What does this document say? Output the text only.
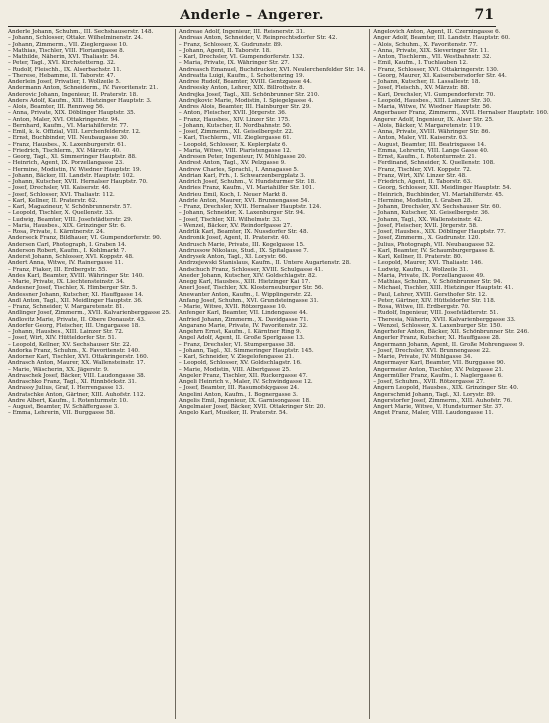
Anderle – Angerer.	71

Anderle Johann, Schuhm., III. Sechshauserstr. 148.

– Johann, Schlosser, Ottakr. Wilhelminenstr. 24.

– Johann, Zimmerm., VII. Zieglergasse 10.

– Mathias, Tischler, VIII. Florianigasse 8.

– Mathilde, Näherin, XVI. Thaliastr. 54.

– Peter, Tagl., XVI. Kirchstetterng. 32.

– Rudolf, Fleischh., IX. Alserbachstr. 11.

– Therese, Hebamme, II. Taborstr. 47.

Anderlein Josef, Privatier, I. Wollzeile 5.

Andermann Anton, Schneiderm., IV. Favoritenstr. 21.

Anderovic Johann, Ingenieur, II. Praterstr. 18.

Anders Adolf, Kaufm., XIII. Hietzinger Hauptstr. 3.

– Alois, Beamter, III. Rennweg 56.

– Anna, Private, XIX. Döblinger Hauptstr. 35.

– Anton, Maler, XVI. Ottakringerstr. 94.

– Bernhard, Kaufm., VI. Mariahilferstr. 77.

– Emil, k. k. Offizial, VIII. Lerchenfelderstr. 12.

– Ernst, Buchbinder, VII. Neubaugasse 30.

– Franz, Hausbes., X. Laxenburgerstr. 61.

– Friedrich, Tischlerm., XV. Märzstr. 40.

– Georg, Tagl., XI. Simmeringer Hauptstr. 88.

– Heinrich, Agent, IX. Porzellangasse 23.

– Hermine, Modistin, IV. Wiedner Hauptstr. 19.

– Johann, Bäcker, III. Landstr. Hauptstr. 102.

– Johann, Kutscher, XVII. Hernalser Hauptstr. 70.

– Josef, Drechsler, VII. Kaiserstr. 46.

– Josef, Schlosser, XVI. Thaliastr. 112.

– Karl, Kellner, II. Praterstr. 62.

– Karl, Magazineur, V. Schönbrunnerstr. 57.

– Leopold, Tischler, X. Quellenstr. 33.

– Ludwig, Beamter, VIII. Josefstädterstr. 29.

– Maria, Hausbes., XIX. Grinzinger Str. 6.

– Rosa, Private, I. Kärntnerstr. 24.

Anderseck Franz, Bildhauer, VI. Gumpendorferstr. 90.

Andersen Carl, Photograph, I. Graben 14.

Anderson Robert, Kaufm., I. Kohlmarkt 7.

Anderst Johann, Schlosser, XVI. Koppstr. 48.

Andert Anna, Witwe, IV. Rainergasse 11.

– Franz, Fiaker, III. Erdbergstr. 55.

Andes Karl, Beamter, XVIII. Währinger Str. 140.

– Marie, Private, IX. Liechtensteinstr. 34.

Andesner Josef, Tischler, X. Himberger Str. 5.

Andessner Johann, Kutscher, XI. Hauffgasse 14.

Andl Anton, Tagl., XII. Meidlinger Hauptstr. 36.

– Franz, Schneider, V. Margaretenstr. 81.

Andlinger Josef, Zimmerm., XVII. Kalvarienberggasse 25.

Andlovitz Marie, Private, II. Obere Donaustr. 43.

Andorfer Georg, Fleischer, III. Ungargasse 18.

– Johann, Hausbes., XIII. Lainzer Str. 72.

– Josef, Wirt, XIV. Hütteldorfer Str. 51.

– Leopold, Kellner, XV. Sechshauser Str. 22.

Andorka Franz, Schuhm., X. Favoritenstr. 140.

Andorner Karl, Tischler, XVI. Ottakringerstr. 160.

Andrasch Anton, Maurer, XX. Wallensteinstr. 17.

– Marie, Wäscherin, XX. Jägerstr. 9.

Andraschek Josef, Bäcker, VIII. Laudongasse 38.

Andraschko Franz, Tagl., XI. Rinnböckstr. 31.

Andrassy Julius, Graf, I. Herrengasse 13.

Andratschke Anton, Gärtner, XIII. Auhofstr. 112.

Andre Albert, Kaufm., I. Rotenturmstr. 10.

– August, Beamter, IV. Schäffergasse 3.

– Emma, Lehrerin, VII. Burggasse 58.

Andreae Adolf, Ingenieur, III. Reisnerstr. 31.

Andreas Anton, Schneider, V. Reinprechtsdorfer Str. 42.

– Franz, Schlosser, X. Gudrunstr. 89.

– Johann, Agent, II. Taborstr. 18.

– Karl, Drechsler, VI. Gumpendorferstr. 132.

– Maria, Private, IX. Währinger Str. 27.

Andreasch Emanuel, Buchdrucker, XVI. Neulerchenfelder Str. 14.

Andreatta Luigi, Kaufm., I. Schottenring 19.

Andree Rudolf, Beamter, XVIII. Gentzgasse 44.

Andreesky Anton, Lehrer, XIX. Billrothstr. 8.

Andrejka Josef, Tagl., XII. Schönbrunner Str. 210.

Andrejkovic Marie, Modistin, I. Spiegelgasse 4.

Andres Alois, Beamter, III. Hainburger Str. 29.

– Anton, Fleischer, XVII. Jörgerstr. 36.

– Franz, Hausbes., XIV. Linzer Str. 175.

– Johann, Kutscher, II. Nordbahnstr. 50.

– Josef, Zimmerm., XI. Geiselbergstr. 22.

– Karl, Tischlerm., VII. Zieglergasse 61.

– Leopold, Schlosser, X. Keplerplatz 6.

– Maria, Witwe, VIII. Piaristengasse 12.

Andresen Peter, Ingenieur, IV. Mühlgasse 20.

Andrest Anton, Tagl., XV. Pelzgasse 9.

Andrew Charles, Sprachl., I. Annagasse 5.

Andrian Karl, Frh., I. Schwarzenbergplatz 3.

Andrich Josef, Schuhm., V. Hundsturmer Str. 18.

Andries Franz, Kaufm., VI. Mariahilfer Str. 101.

Andrieu Emil, Koch, I. Neuer Markt 8.

Andrle Anton, Maurer, XVI. Brunnengasse 54.

– Franz, Drechsler, XVII. Hernalser Hauptstr. 124.

– Johann, Schneider, X. Laxenburger Str. 94.

– Josef, Tischler, XII. Wilhelmstr. 33.

– Wenzel, Bäcker, XV. Reindorfgasse 27.

Andrlik Karl, Beamter, IX. Nussdorfer Str. 48.

Andronik Josef, Agent, II. Praterstr. 40.

Andrusch Marie, Private, III. Kegelgasse 15.

Andrussow Nikolaus, Stud., IX. Spitalgasse 7.

Andrysek Anton, Tagl., XI. Lorystr. 66.

Andrzejewski Stanislaus, Kaufm., II. Untere Augartenstr. 28.

Andschuch Franz, Schlosser, XVIII. Schulgasse 41.

Aneder Johann, Kutscher, XIV. Goldschlagstr. 82.

Anegg Karl, Hausbes., XIII. Hietzinger Kai 17.

Anerl Josef, Tischler, XX. Klosterneuburger Str. 56.

Anewanter Anton, Kaufm., I. Wipplingerstr. 22.

Anfang Josef, Schuhm., XVI. Grundsteingasse 31.

– Marie, Witwe, XVII. Rötzergasse 10.

Anfenger Karl, Beamter, VII. Lindengasse 44.

Anfried Johann, Zimmerm., X. Davidgasse 71.

Angarano Marie, Private, IV. Favoritenstr. 32.

Angehrn Ernst, Kaufm., I. Kärntner Ring 9.

Angel Adolf, Agent, II. Große Sperlgasse 13.

– Franz, Drechsler, VI. Stumpergasse 38.

– Johann, Tagl., XI. Simmeringer Hauptstr. 145.

– Karl, Schneider, V. Ziegelofengasse 21.

– Leopold, Schlosser, XV. Goldschlagstr. 16.

– Marie, Modistin, VIII. Albertgasse 25.

Angeler Franz, Tischler, XII. Ruckergasse 47.

Angeli Heinrich v., Maler, IV. Schwindgasse 12.

– Josef, Beamter, III. Rasumofskygasse 24.

Angelini Anton, Kaufm., I. Bognergasse 3.

Angelis Emil, Ingenieur, IX. Garnisongasse 18.

Angelmaier Josef, Bäcker, XVII. Ottakringer Str. 20.

Angelo Karl, Musiker, II. Praterstr. 54.

Angelovich Anton, Agent, II. Czerningasse 6.

Anger Adolf, Beamter, III. Landstr. Hauptstr. 60.

– Alois, Schuhm., X. Favoritenstr. 77.

– Anna, Private, XIX. Sieveringer Str. 11.

– Anton, Tischlerm., VII. Westbahnstr. 32.

– Emil, Kaufm., I. Tuchlauben 12.

– Franz, Schlosser, XVI. Ottakringerstr. 130.

– Georg, Maurer, XI. Kaiserebersdorfer Str. 44.

– Johann, Kutscher, II. Lassallestr. 18.

– Josef, Fleischh., XV. Märzstr. 88.

– Karl, Drechsler, VI. Gumpendorferstr. 70.

– Leopold, Hausbes., XIII. Lainzer Str. 30.

– Maria, Witwe, IV. Wiedner Hauptstr. 56.

Angerbauer Franz, Zimmerm., XVII. Hernalser Hauptstr. 160.

Angerer Adolf, Ingenieur, IX. Alser Str. 25.

– Alois, Bäcker, V. Margaretenstr. 119.

– Anna, Private, XVIII. Währinger Str. 86.

– Anton, Maler, VII. Kaiserstr. 63.

– August, Beamter, III. Beatrixgasse 14.

– Emma, Lehrerin, VIII. Lange Gasse 40.

– Ernst, Kaufm., I. Rotenturmstr. 21.

– Ferdinand, Schneider, X. Quellenstr. 108.

– Franz, Tischler, XVI. Koppstr. 72.

– Franz, Wirt, XIV. Linzer Str. 48.

– Friedrich, Agent, II. Taborstr. 63.

– Georg, Schlosser, XII. Meidlinger Hauptstr. 54.

– Heinrich, Buchbinder, VI. Mariahilferstr. 45.

– Hermine, Modistin, I. Graben 28.

– Johann, Drechsler, XV. Sechshauser Str. 60.

– Johann, Kutscher, XI. Geiselbergstr. 36.

– Johann, Tagl., XX. Wallensteinstr. 42.

– Josef, Fleischer, XVII. Jörgerstr. 58.

– Josef, Hausbes., XIX. Döblinger Hauptstr. 77.

– Josef, Zimmerm., X. Gudrunstr. 120.

– Julius, Photograph, VII. Neubaugasse 52.

– Karl, Beamter, IV. Schaumburgergasse 8.

– Karl, Kellner, II. Praterstr. 80.

– Leopold, Maurer, XVI. Thaliastr. 146.

– Ludwig, Kaufm., I. Wollzeile 31.

– Maria, Private, IX. Porzellangasse 49.

– Mathias, Schuhm., V. Schönbrunner Str. 94.

– Michael, Tischler, XIII. Hietzinger Hauptstr. 41.

– Paul, Lehrer, XVIII. Gersthofer Str. 12.

– Peter, Gärtner, XIV. Hütteldorfer Str. 118.

– Rosa, Witwe, III. Erdbergstr. 70.

– Rudolf, Ingenieur, VIII. Josefstädterstr. 51.

– Theresia, Näherin, XVII. Kalvarienberggasse 33.

– Wenzel, Schlosser, X. Laxenburger Str. 150.

Angerhofer Anton, Bäcker, XII. Schönbrunner Str. 246.

Angerler Franz, Kutscher, XI. Hauffgasse 28.

Angermann Johann, Agent, II. Große Mohrengasse 9.

– Josef, Drechsler, XVI. Brunnengasse 22.

– Marie, Private, IV. Mühlgasse 34.

Angermayer Karl, Beamter, VII. Burggasse 90.

Angermeier Anton, Tischler, XV. Pelzgasse 21.

Angermüller Franz, Kaufm., I. Naglergasse 6.

– Josef, Schuhm., XVII. Rötzergasse 27.

Angern Leopold, Hausbes., XIX. Grinzinger Str. 40.

Angerschmid Johann, Tagl., XI. Lorystr. 89.

Angerstorfer Josef, Zimmerm., XIII. Auhofstr. 76.

Angert Marie, Witwe, V. Hundsturmer Str. 37.

Anget Franz, Maler, VIII. Laudongasse 11.
